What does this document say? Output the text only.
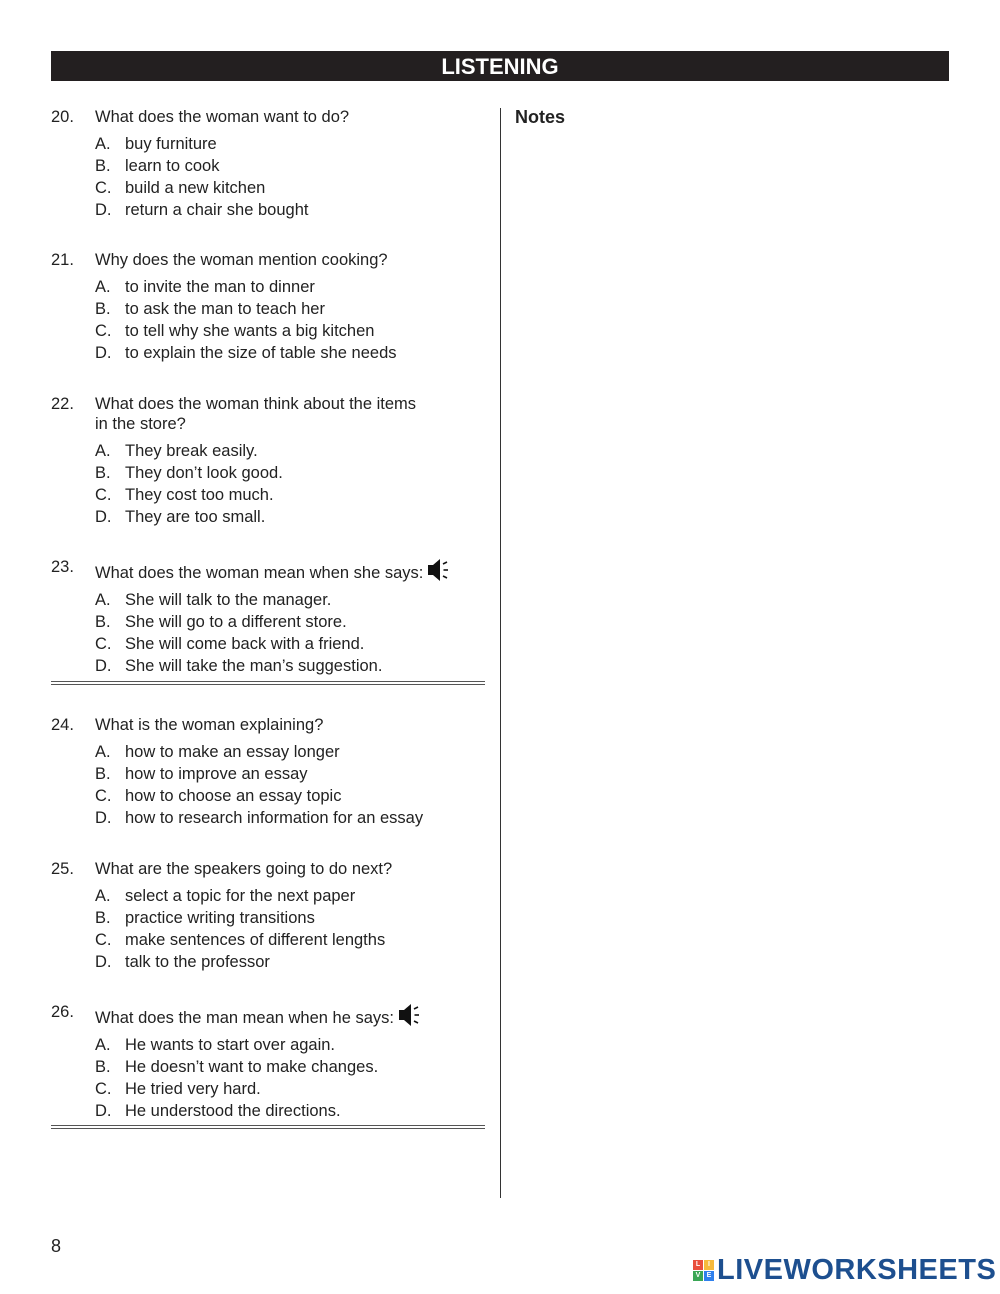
LISTENING
20.	What does the woman want to do?
A. buy furniture
B. learn to cook
C. build a new kitchen
D. return a chair she bought
21.	Why does the woman mention cooking?
A. to invite the man to dinner
B. to ask the man to teach her
C. to tell why she wants a big kitchen
D. to explain the size of table she needs
22.	What does the woman think about the items in the store?
A. They break easily.
B. They don’t look good.
C. They cost too much.
D. They are too small.
23.	What does the woman mean when she says:
A. She will talk to the manager.
B. She will go to a different store.
C. She will come back with a friend.
D. She will take the man’s suggestion.
24.	What is the woman explaining?
A. how to make an essay longer
B. how to improve an essay
C. how to choose an essay topic
D. how to research information for an essay
25.	What are the speakers going to do next?
A. select a topic for the next paper
B. practice writing transitions
C. make sentences of different lengths
D. talk to the professor
26.	What does the man mean when he says:
A. He wants to start over again.
B. He doesn’t want to make changes.
C. He tried very hard.
D. He understood the directions.
Notes
8
L	I
V E LIVEWORKSHEETS
